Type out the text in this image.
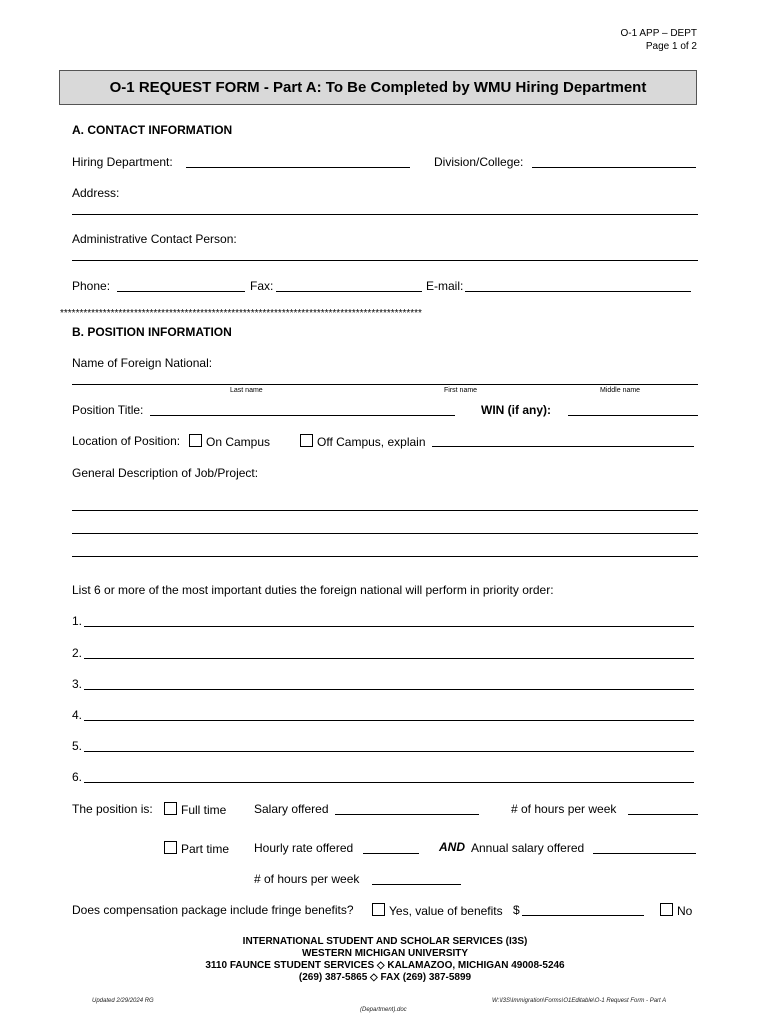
O-1 APP – DEPT
Page 1 of 2
O-1 REQUEST FORM - Part A: To Be Completed by WMU Hiring Department
A. CONTACT INFORMATION
Hiring Department:	Division/College:
Address:
Administrative Contact Person:
Phone:	Fax:	E-mail:
*********************************************************************************************
B. POSITION INFORMATION
Name of Foreign National:
Last name	First name	Middle name
Position Title:	WIN (if any):
Location of Position:	On Campus	Off Campus, explain
General Description of Job/Project:
List 6 or more of the most important duties the foreign national will perform in priority order:
1.
2.
3.
4.
5.
6.
The position is:	Full time Salary offered	# of hours per week
Part time Hourly rate offered	AND Annual salary offered
# of hours per week
Does compensation package include fringe benefits?	Yes, value of benefits $	No
INTERNATIONAL STUDENT AND SCHOLAR SERVICES (I3S)
WESTERN MICHIGAN UNIVERSITY
3110 FAUNCE STUDENT SERVICES ◇ KALAMAZOO, MICHIGAN 49008-5246
(269) 387-5865 ◇ FAX (269) 387-5899
Updated 2/29/2024 RG	W:\I3S\Immigration\Forms\O1Editable\O-1 Request Form - Part A
(Department).doc
